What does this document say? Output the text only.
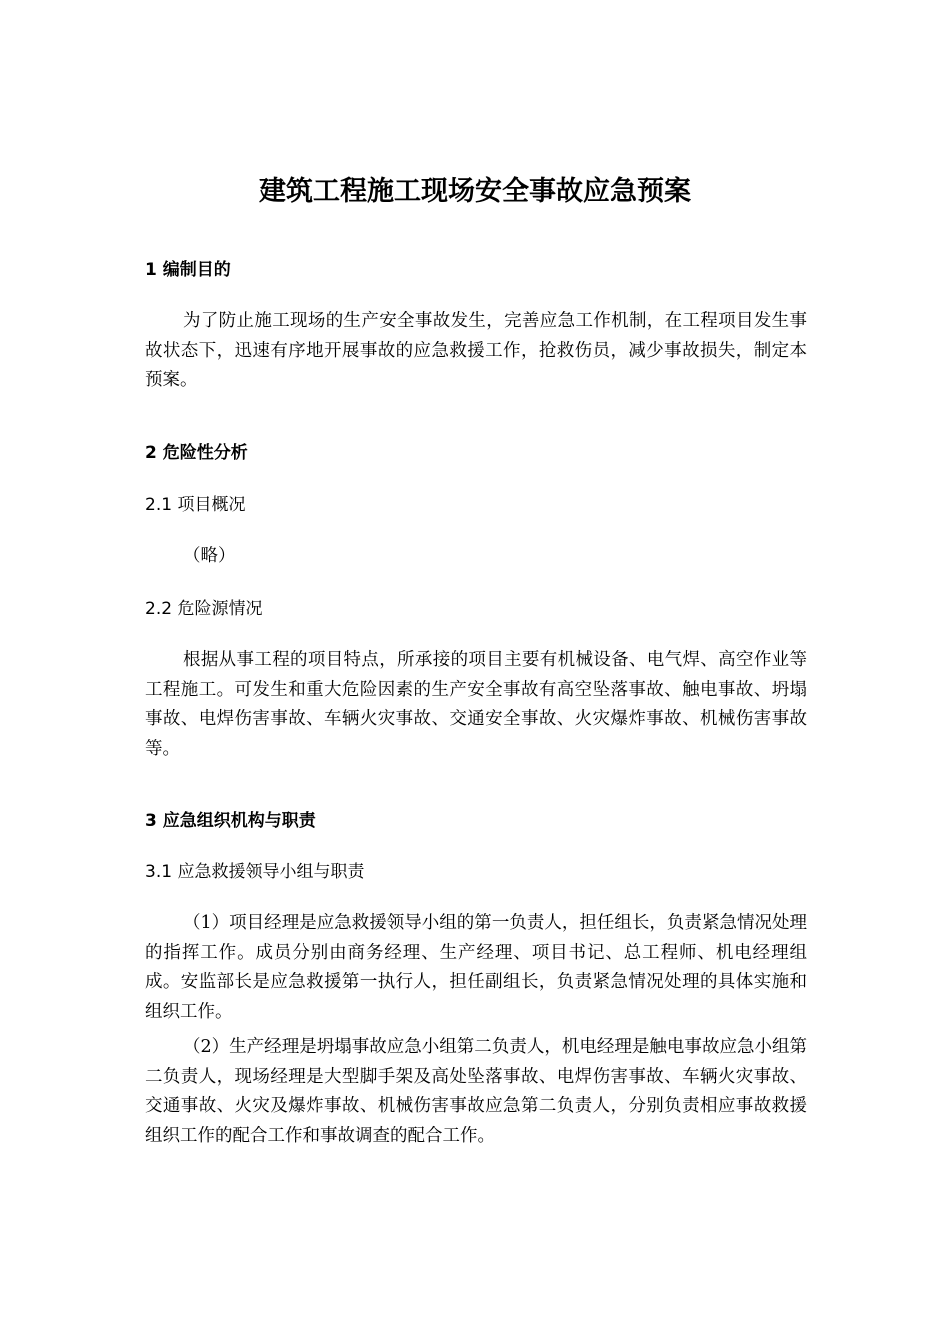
建筑工程施工现场安全事故应急预案
1 编制目的
为了防止施工现场的生产安全事故发生，完善应急工作机制，在工程项目发生事故状态下，迅速有序地开展事故的应急救援工作，抢救伤员，减少事故损失，制定本预案。
2 危险性分析
2.1 项目概况
（略）
2.2 危险源情况
根据从事工程的项目特点，所承接的项目主要有机械设备、电气焊、高空作业等工程施工。可发生和重大危险因素的生产安全事故有高空坠落事故、触电事故、坍塌事故、电焊伤害事故、车辆火灾事故、交通安全事故、火灾爆炸事故、机械伤害事故等。
3 应急组织机构与职责
3.1 应急救援领导小组与职责
（1）项目经理是应急救援领导小组的第一负责人，担任组长，负责紧急情况处理的指挥工作。成员分别由商务经理、生产经理、项目书记、总工程师、机电经理组成。安监部长是应急救援第一执行人，担任副组长，负责紧急情况处理的具体实施和组织工作。
（2）生产经理是坍塌事故应急小组第二负责人，机电经理是触电事故应急小组第二负责人，现场经理是大型脚手架及高处坠落事故、电焊伤害事故、车辆火灾事故、交通事故、火灾及爆炸事故、机械伤害事故应急第二负责人，分别负责相应事故救援组织工作的配合工作和事故调查的配合工作。
